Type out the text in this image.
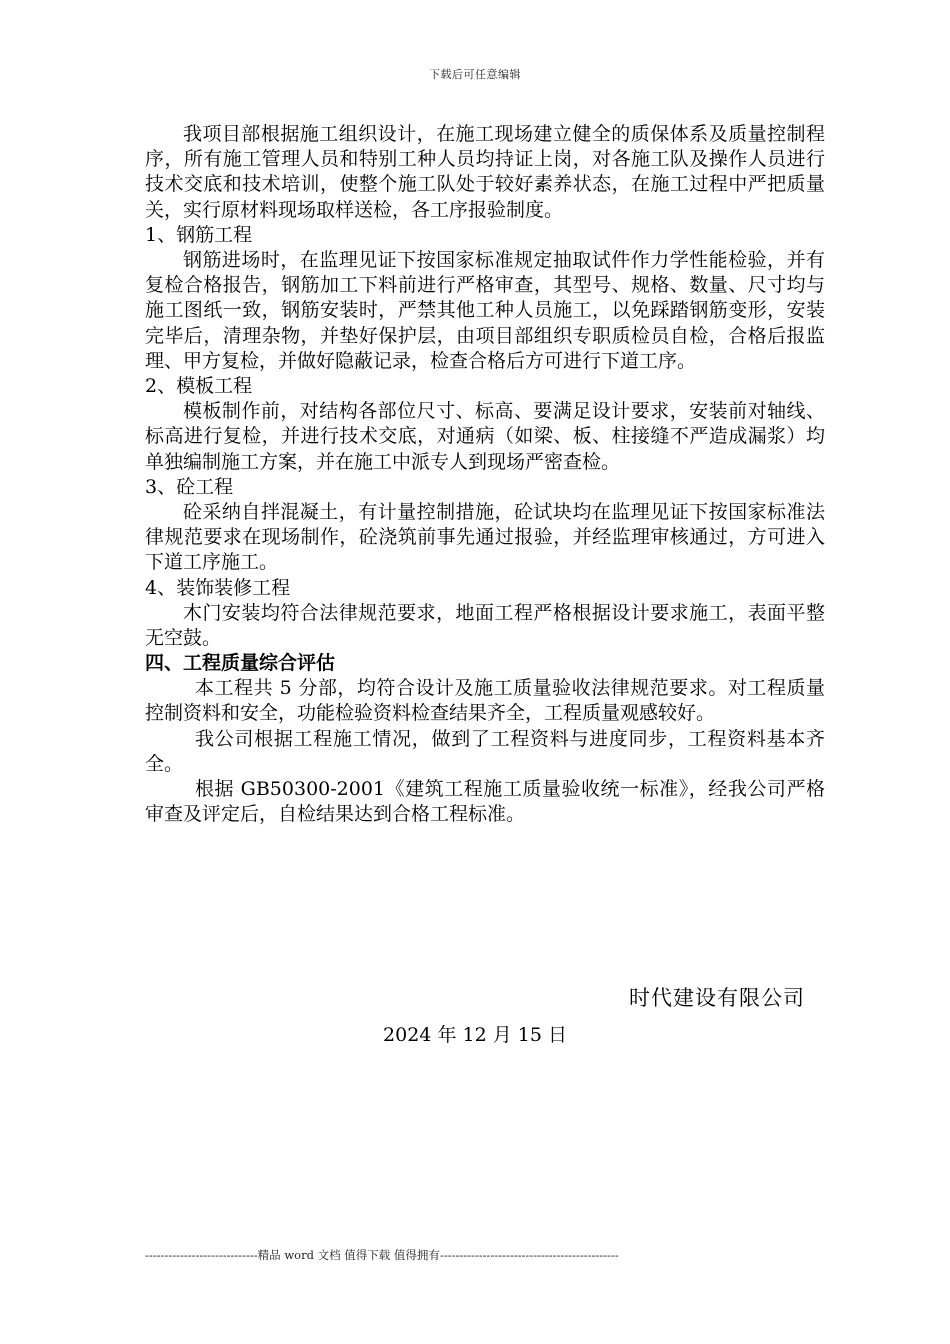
下载后可任意编辑

我项目部根据施工组织设计，在施工现场建立健全的质保体系及质量控制程序，所有施工管理人员和特别工种人员均持证上岗，对各施工队及操作人员进行技术交底和技术培训，使整个施工队处于较好素养状态，在施工过程中严把质量关，实行原材料现场取样送检，各工序报验制度。

1、钢筋工程

钢筋进场时，在监理见证下按国家标准规定抽取试件作力学性能检验，并有复检合格报告，钢筋加工下料前进行严格审查，其型号、规格、数量、尺寸均与施工图纸一致，钢筋安装时，严禁其他工种人员施工，以免踩踏钢筋变形，安装完毕后，清理杂物，并垫好保护层，由项目部组织专职质检员自检，合格后报监理、甲方复检，并做好隐蔽记录，检查合格后方可进行下道工序。

2、模板工程

模板制作前，对结构各部位尺寸、标高、要满足设计要求，安装前对轴线、标高进行复检，并进行技术交底，对通病（如梁、板、柱接缝不严造成漏浆）均单独编制施工方案，并在施工中派专人到现场严密查检。

3、砼工程

砼采纳自拌混凝土，有计量控制措施，砼试块均在监理见证下按国家标准法律规范要求在现场制作，砼浇筑前事先通过报验，并经监理审核通过，方可进入下道工序施工。

4、装饰装修工程

木门安装均符合法律规范要求，地面工程严格根据设计要求施工，表面平整无空鼓。

四、工程质量综合评估

本工程共 5 分部，均符合设计及施工质量验收法律规范要求。对工程质量控制资料和安全，功能检验资料检查结果齐全，工程质量观感较好。

我公司根据工程施工情况，做到了工程资料与进度同步，工程资料基本齐全。

根据 GB50300-2001《建筑工程施工质量验收统一标准》，经我公司严格审查及评定后，自检结果达到合格工程标准。

时代建设有限公司
2024 年 12 月 15 日
-----------------------------精品 word 文档 值得下载 值得拥有----------------------------------------------
